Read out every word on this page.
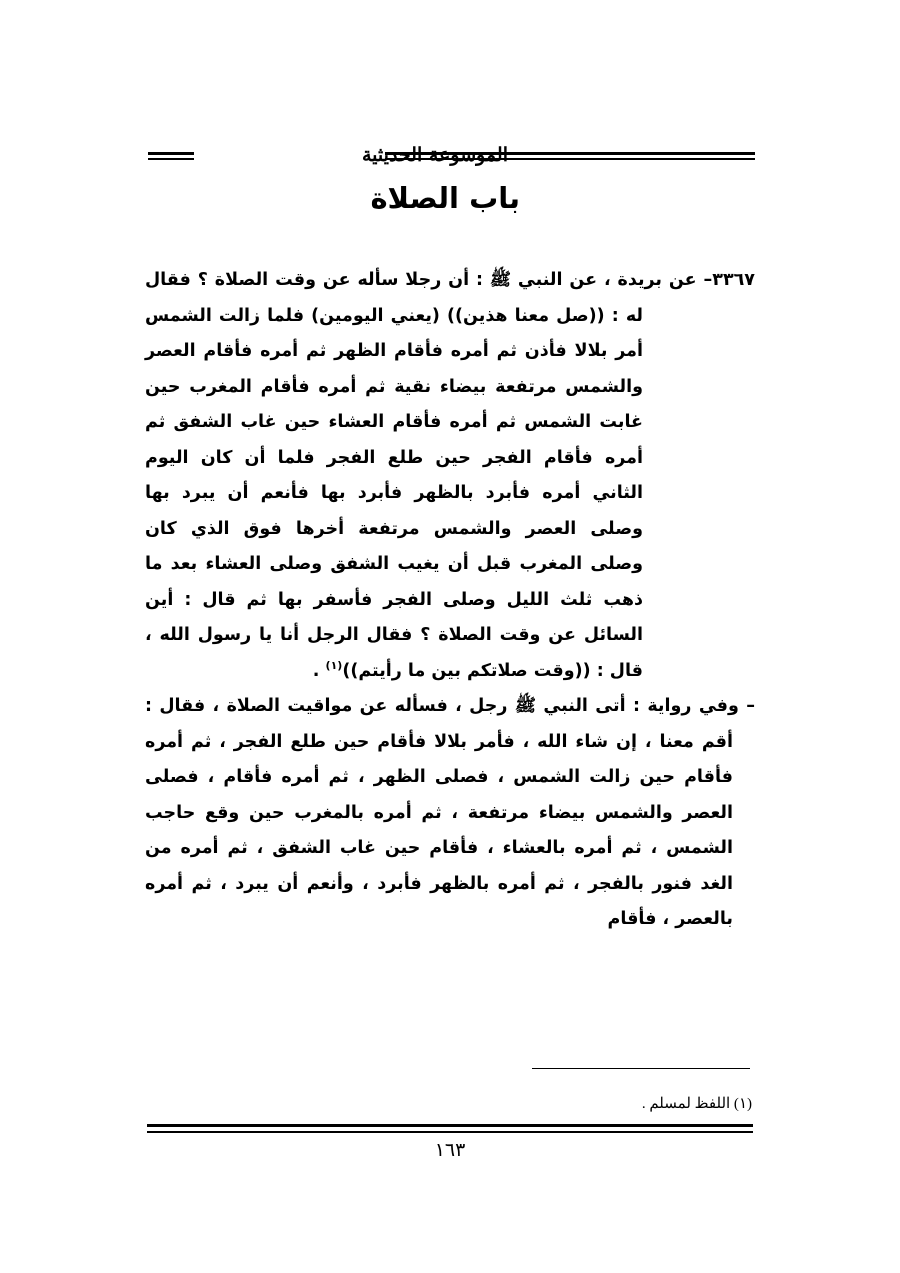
الموسوعة الحديثية
باب الصلاة

٣٣٦٧– عن بريدة ، عن النبي ﷺ : أن رجلا سأله عن وقت الصلاة ؟ فقال له : ((صل معنا هذين)) (يعني اليومين) فلما زالت الشمس أمر بلالا فأذن ثم أمره فأقام الظهر ثم أمره فأقام العصر والشمس مرتفعة بيضاء نقية ثم أمره فأقام المغرب حين غابت الشمس ثم أمره فأقام العشاء حين غاب الشفق ثم أمره فأقام الفجر حين طلع الفجر فلما أن كان اليوم الثاني أمره فأبرد بالظهر فأبرد بها فأنعم أن يبرد بها وصلى العصر والشمس مرتفعة أخرها فوق الذي كان وصلى المغرب قبل أن يغيب الشفق وصلى العشاء بعد ما ذهب ثلث الليل وصلى الفجر فأسفر بها ثم قال : أين السائل عن وقت الصلاة ؟ فقال الرجل أنا يا رسول الله ، قال : ((وقت صلاتكم بين ما رأيتم))$^{(١)}$ .

– وفي رواية : أتى النبي ﷺ رجل ، فسأله عن مواقيت الصلاة ، فقال : أقم معنا ، إن شاء الله ، فأمر بلالا فأقام حين طلع الفجر ، ثم أمره فأقام حين زالت الشمس ، فصلى الظهر ، ثم أمره فأقام ، فصلى العصر والشمس بيضاء مرتفعة ، ثم أمره بالمغرب حين وقع حاجب الشمس ، ثم أمره بالعشاء ، فأقام حين غاب الشفق ، ثم أمره من الغد فنور بالفجر ، ثم أمره بالظهر فأبرد ، وأنعم أن يبرد ، ثم أمره بالعصر ، فأقام

(١) اللفظ لمسلم .
١٦٣
